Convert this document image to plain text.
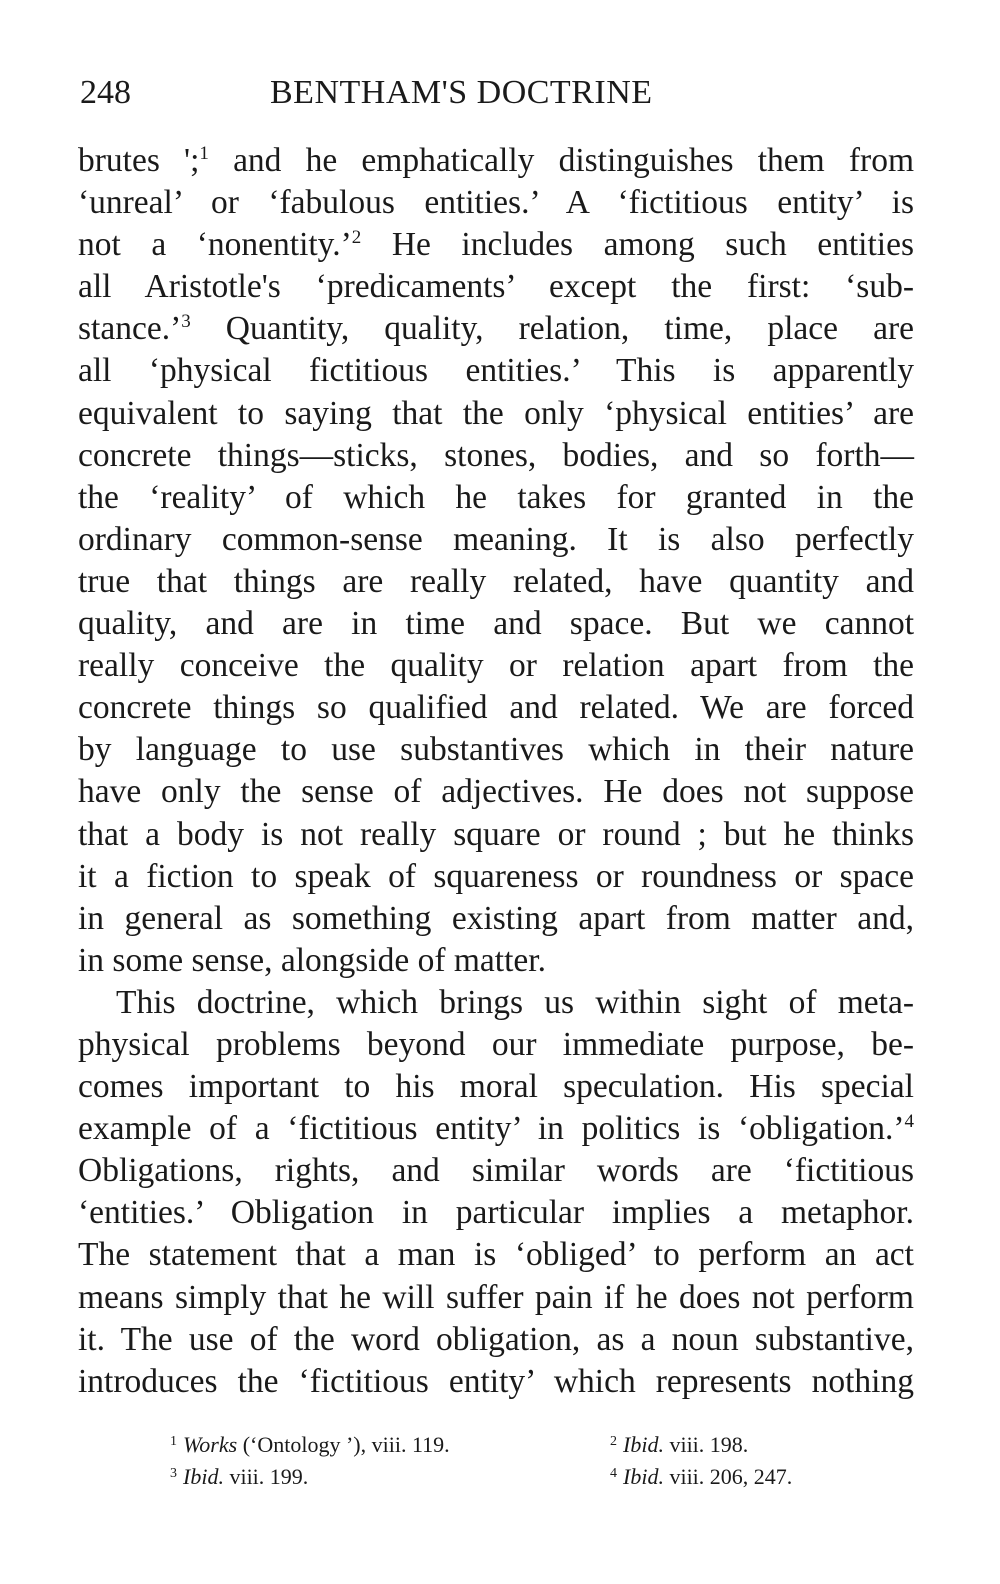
248	BENTHAM'S DOCTRINE
brutes ';$^1$ and he emphatically distinguishes them from
‘unreal’ or ‘fabulous entities.’ A ‘fictitious entity’ is
not a ‘nonentity.’$^2$ He includes among such entities
all Aristotle's ‘predicaments’ except the first: ‘sub-
stance.’$^3$ Quantity, quality, relation, time, place are
all ‘physical fictitious entities.’ This is apparently
equivalent to saying that the only ‘physical entities’ are
concrete things—sticks, stones, bodies, and so forth—
the ‘reality’ of which he takes for granted in the
ordinary common-sense meaning. It is also perfectly
true that things are really related, have quantity and
quality, and are in time and space. But we cannot
really conceive the quality or relation apart from the
concrete things so qualified and related. We are forced
by language to use substantives which in their nature
have only the sense of adjectives. He does not suppose
that a body is not really square or round ; but he thinks
it a fiction to speak of squareness or roundness or space
in general as something existing apart from matter and,
in some sense, alongside of matter.
This doctrine, which brings us within sight of meta-
physical problems beyond our immediate purpose, be-
comes important to his moral speculation. His special
example of a ‘fictitious entity’ in politics is ‘obligation.’$^4$
Obligations, rights, and similar words are ‘fictitious
‘entities.’ Obligation in particular implies a metaphor.
The statement that a man is ‘obliged’ to perform an act
means simply that he will suffer pain if he does not perform
it. The use of the word obligation, as a noun substantive,
introduces the ‘fictitious entity’ which represents nothing
$^1$ Works (‘Ontology ’), viii. 119.	$^2$ Ibid. viii. 198.
$^3$ Ibid. viii. 199.	$^4$ Ibid. viii. 206, 247.
